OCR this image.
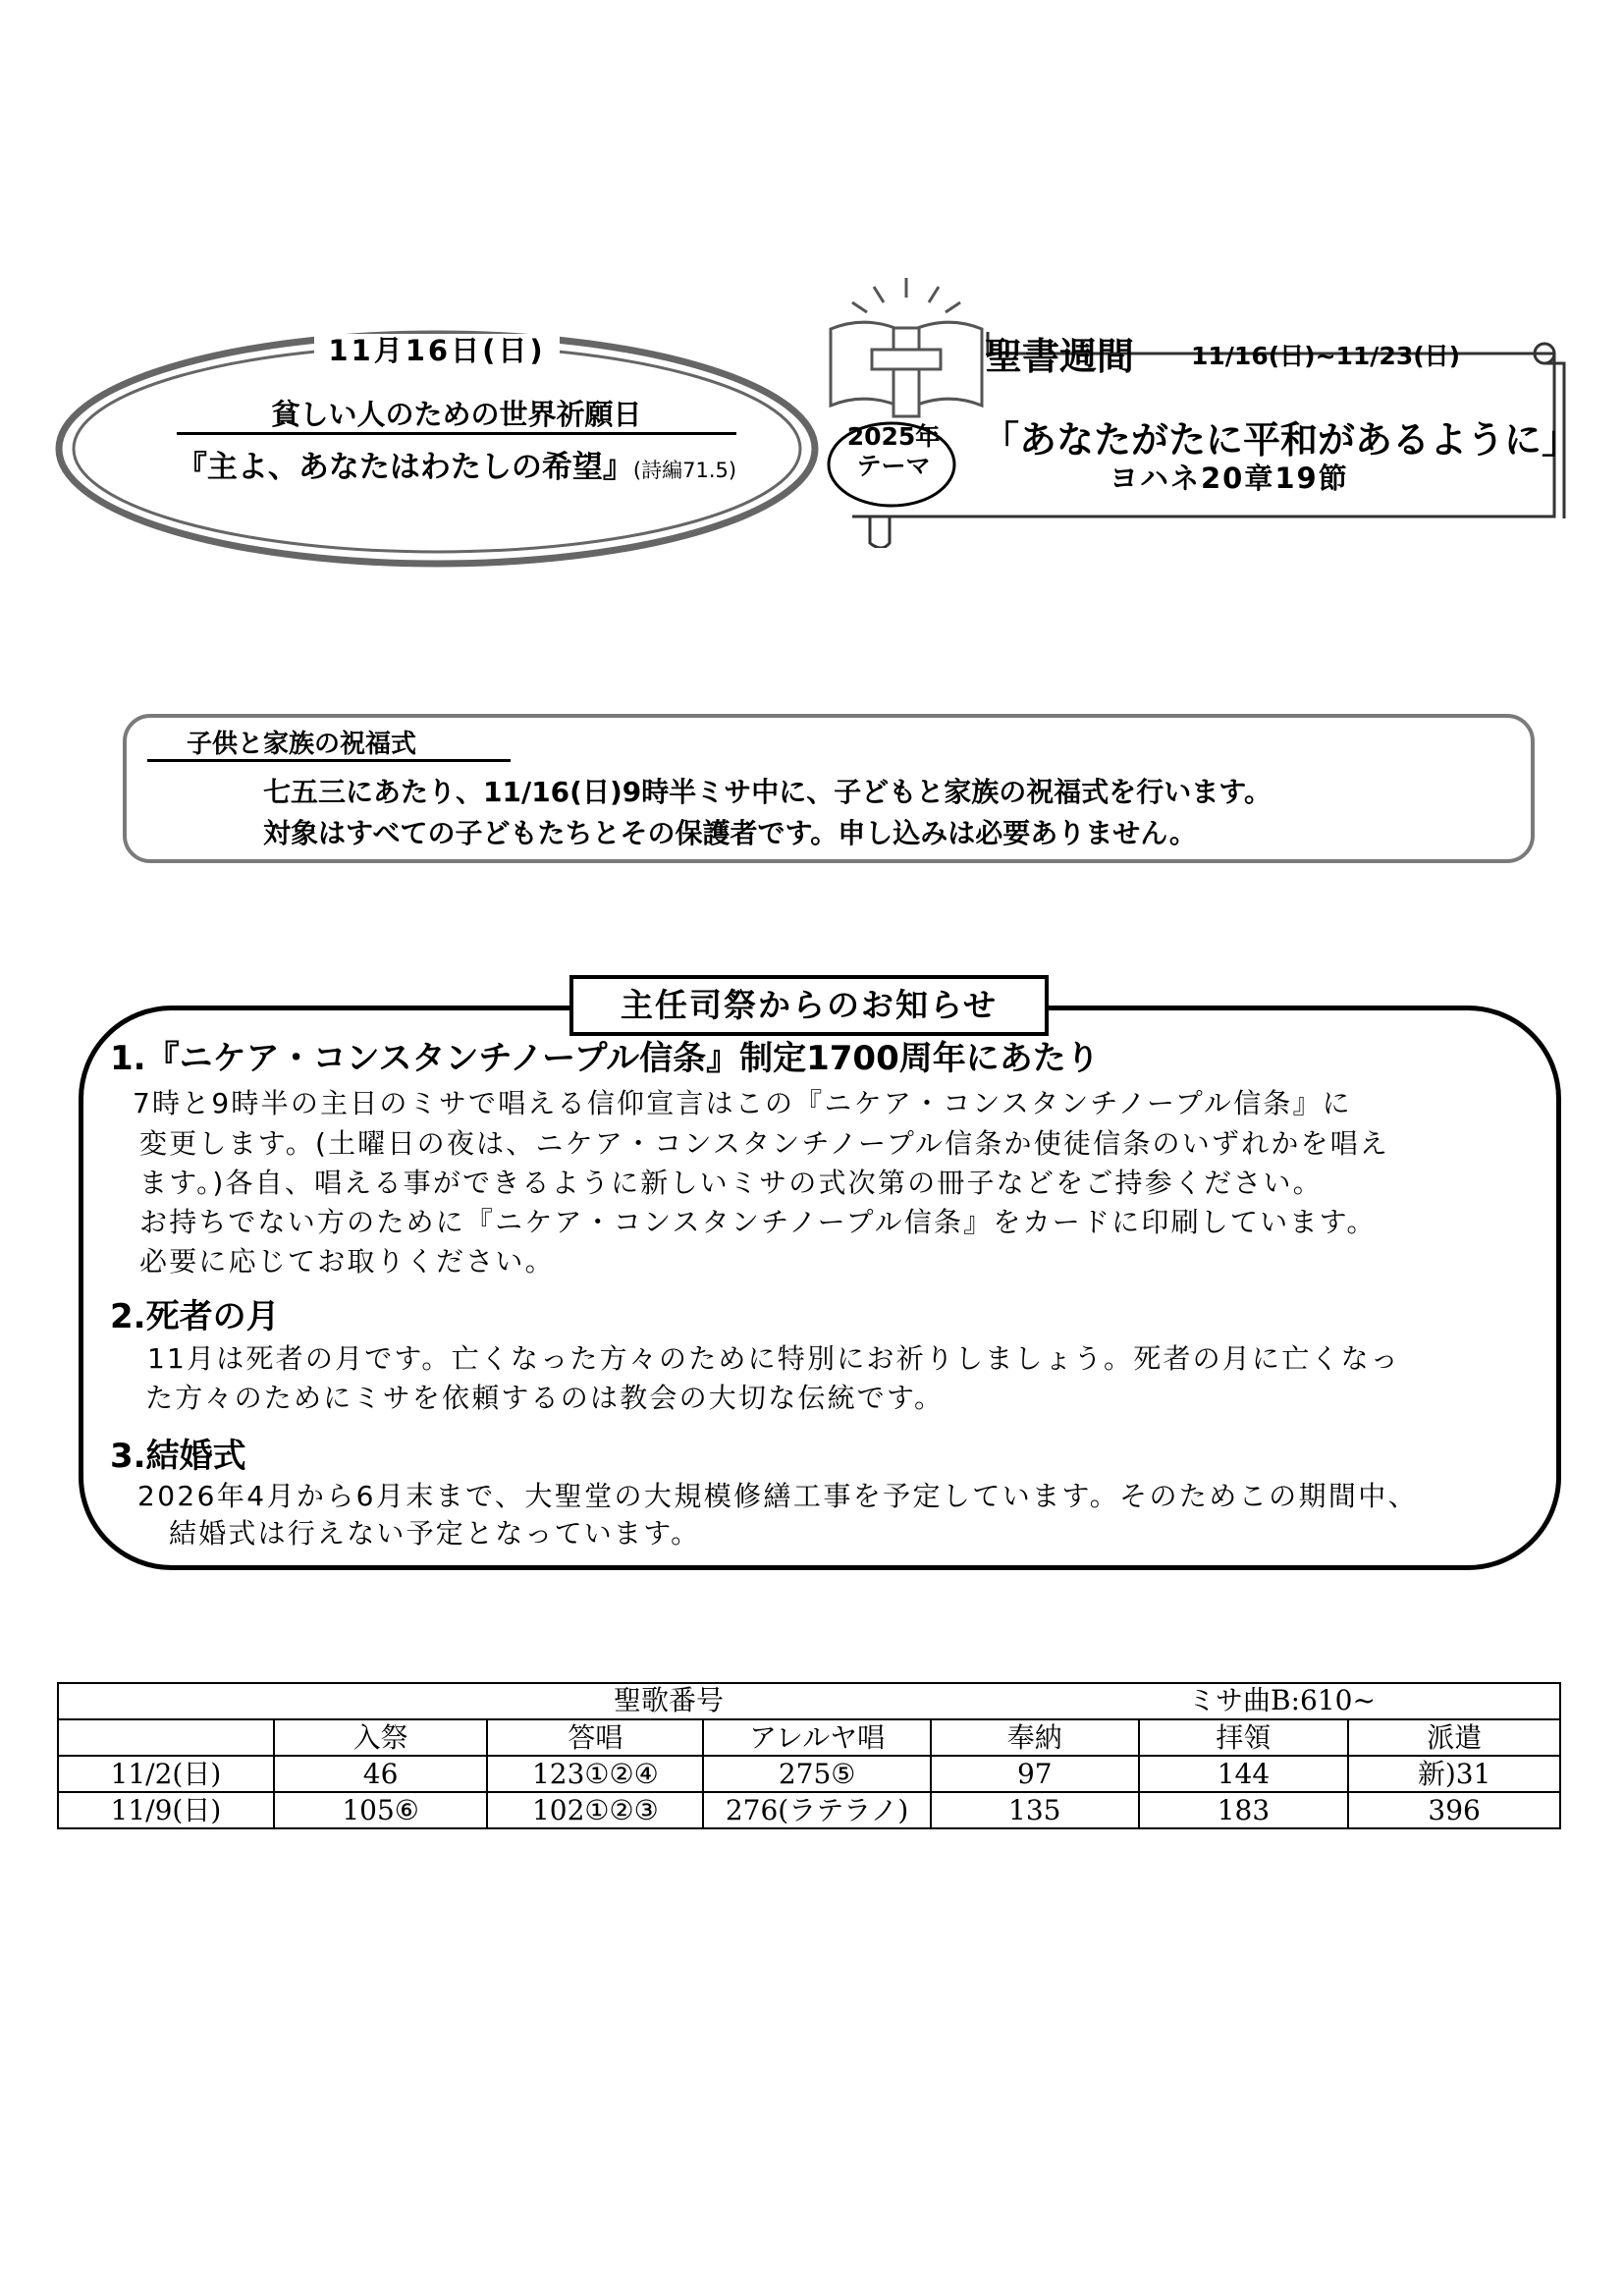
11月16日(日)
貧しい人のための世界祈願日
『主よ、あなたはわたしの希望』(詩編71.5)
聖書週間 11/16(日)~11/23(日)
2025年
テーマ
「あなたがたに平和があるように」
ヨハネ20章19節
子供と家族の祝福式
七五三にあたり、11/16(日)9時半ミサ中に、子どもと家族の祝福式を行います。
対象はすべての子どもたちとその保護者です。申し込みは必要ありません。
主任司祭からのお知らせ
1.『ニケア・コンスタンチノープル信条』制定1700周年にあたり
7時と9時半の主日のミサで唱える信仰宣言はこの『ニケア・コンスタンチノープル信条』に
変更します。(土曜日の夜は、ニケア・コンスタンチノープル信条か使徒信条のいずれかを唱え
ます。)各自、唱える事ができるように新しいミサの式次第の冊子などをご持参ください。
お持ちでない方のために『ニケア・コンスタンチノープル信条』をカードに印刷しています。
必要に応じてお取りください。
2.死者の月
11月は死者の月です。亡くなった方々のために特別にお祈りしましょう。死者の月に亡くなっ
た方々のためにミサを依頼するのは教会の大切な伝統です。
3.結婚式
2026年4月から6月末まで、大聖堂の大規模修繕工事を予定しています。そのためこの期間中、
結婚式は行えない予定となっています。
聖歌番号 ミサ曲B:610~						

	入祭	答唱	アレルヤ唱	奉納	拝領	派遣
11/2(日)	46	123①②④	275⑤	97	144	新)31
11/9(日)	105⑥	102①②③	276(ラテラノ)	135	183	396
